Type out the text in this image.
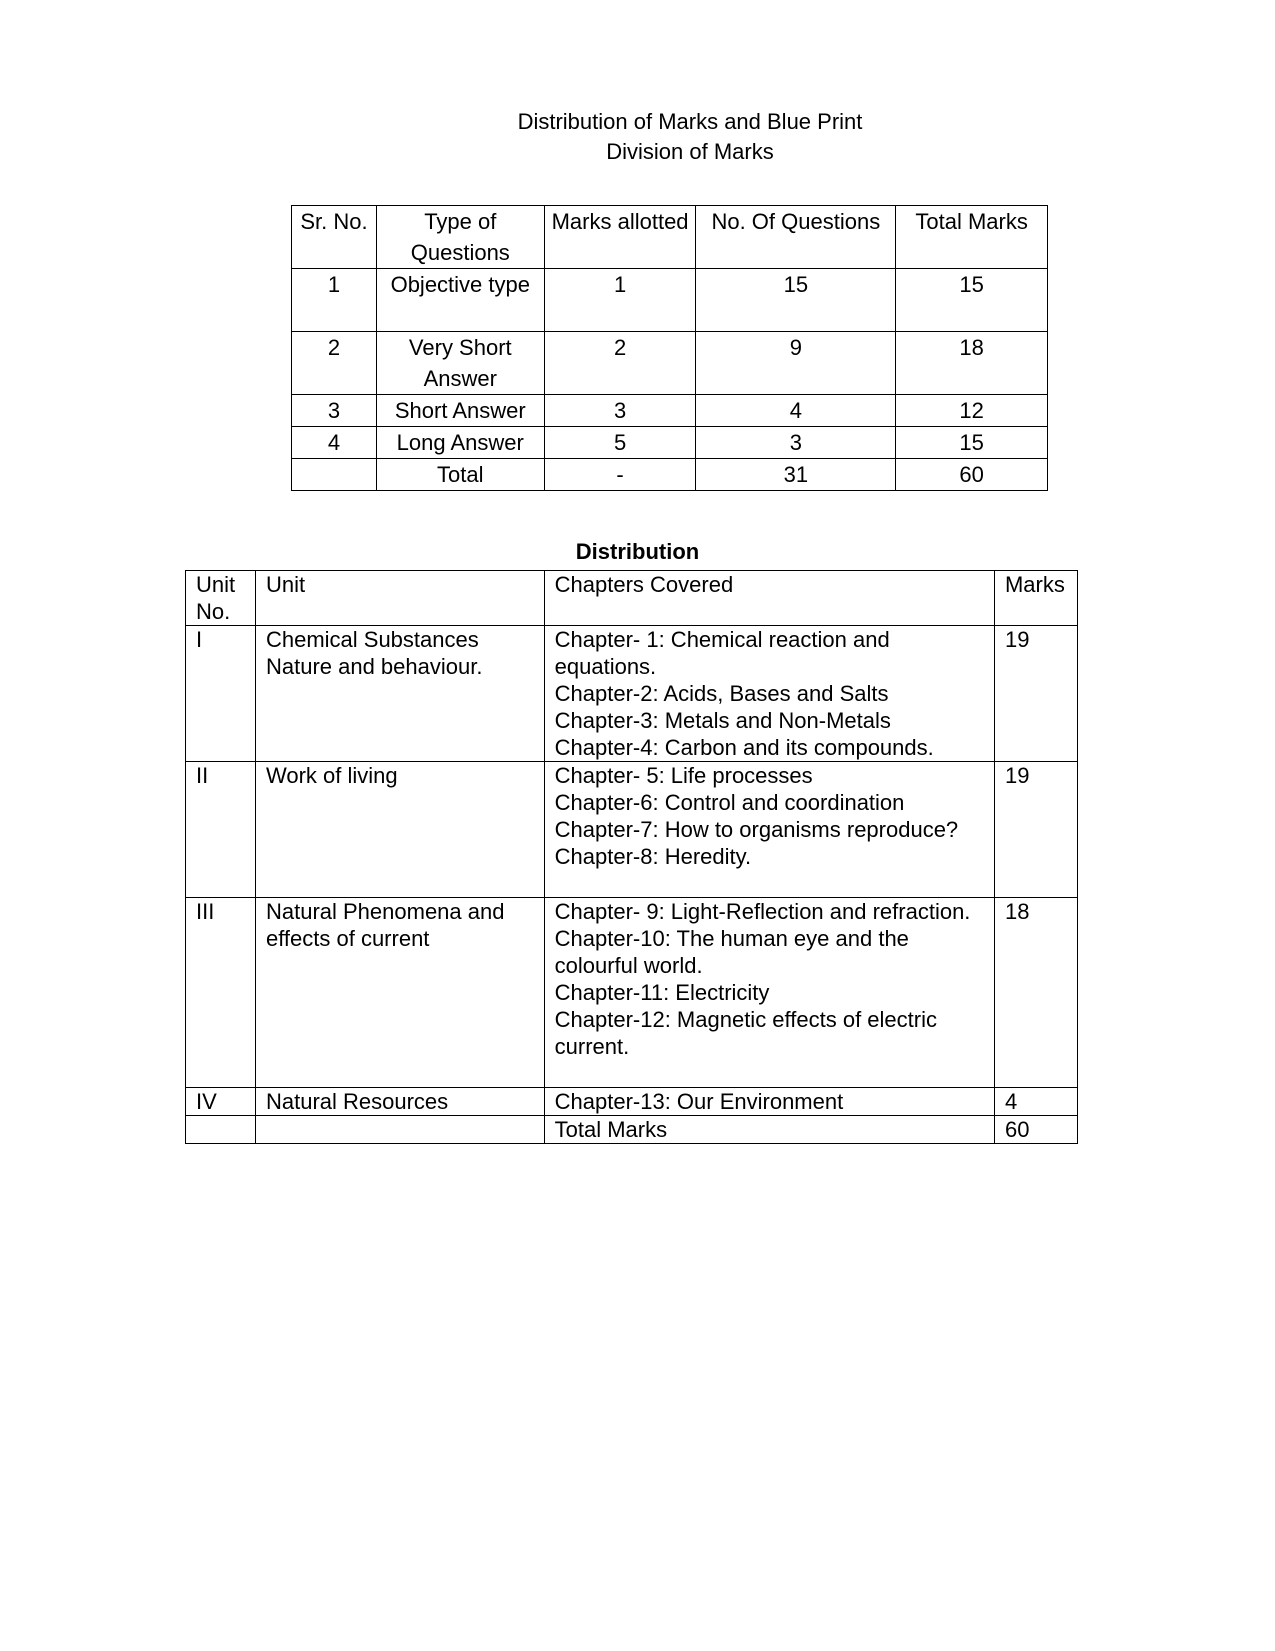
Distribution of Marks and Blue Print
Division of Marks
Sr. No.	Type of Questions	Marks allotted	No. Of Questions	Total Marks
1	Objective type	1	15	15
2	Very Short Answer	2	9	18
3	Short Answer	3	4	12
4	Long Answer	5	3	15
	Total	-	31	60
Distribution
Unit No.	Unit	Chapters Covered	Marks
I	Chemical Substances Nature and behaviour.	Chapter- 1: Chemical reaction and equations.
Chapter-2: Acids, Bases and Salts
Chapter-3: Metals and Non-Metals
Chapter-4: Carbon and its compounds.	19
II	Work of living	Chapter- 5: Life processes
Chapter-6: Control and coordination
Chapter-7: How to organisms reproduce?
Chapter-8: Heredity.	19
III	Natural Phenomena and effects of current	Chapter- 9: Light-Reflection and refraction.
Chapter-10: The human eye and the colourful world.
Chapter-11: Electricity
Chapter-12: Magnetic effects of electric current.	18
IV	Natural Resources	Chapter-13: Our Environment	4
		Total Marks	60
